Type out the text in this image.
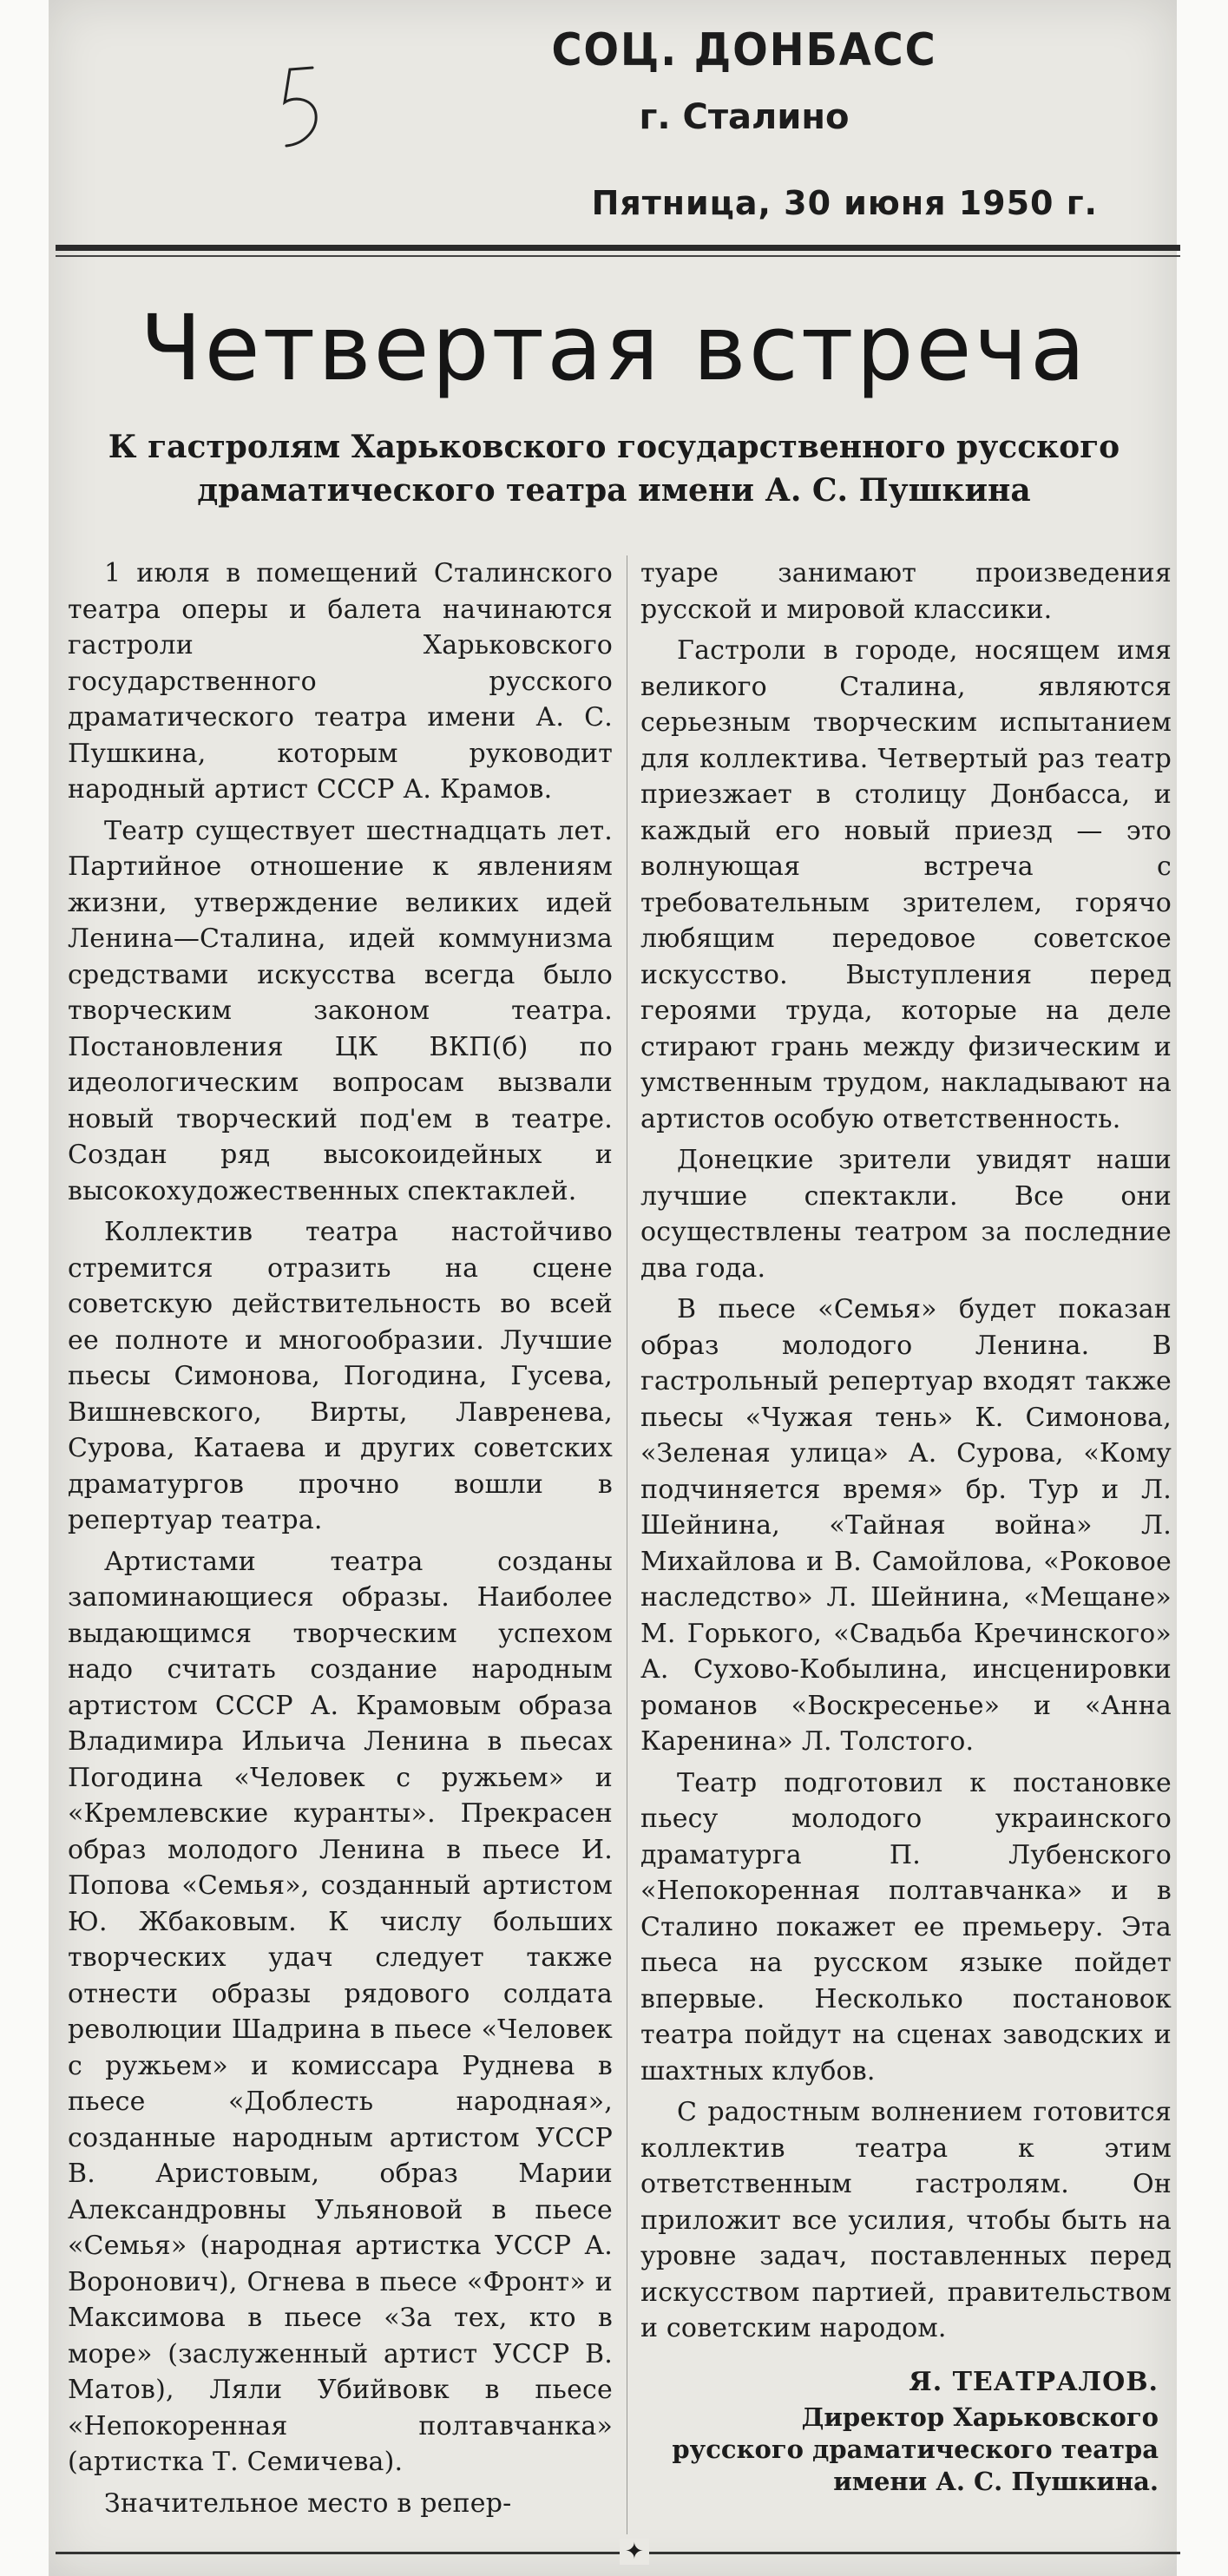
СОЦ. ДОНБАСС
г. Сталино
Пятница, 30 июня 1950 г.
Четвертая встреча
К гастролям Харьковского государственного русского драматического театра имени А. С. Пушкина

1 июля в помещений Сталинского театра оперы и балета начинаются гастроли Харьковского государственного русского драматического театра имени А. С. Пушкина, которым руководит народный артист СССР А. Крамов.

Театр существует шестнадцать лет. Партийное отношение к явлениям жизни, утверждение великих идей Ленина—Сталина, идей коммунизма средствами искусства всегда было творческим законом театра. Постановления ЦК ВКП(б) по идеологическим вопросам вызвали новый творческий под'ем в театре. Создан ряд высокоидейных и высокохудожественных спектаклей.

Коллектив театра настойчиво стремится отразить на сцене советскую действительность во всей ее полноте и многообразии. Лучшие пьесы Симонова, Погодина, Гусева, Вишневского, Вирты, Лавренева, Сурова, Катаева и других советских драматургов прочно вошли в репертуар театра.

Артистами театра созданы запоминающиеся образы. Наиболее выдающимся творческим успехом надо считать создание народным артистом СССР А. Крамовым образа Владимира Ильича Ленина в пьесах Погодина «Человек с ружьем» и «Кремлевские куранты». Прекрасен образ молодого Ленина в пьесе И. Попова «Семья», созданный артистом Ю. Жбаковым. К числу больших творческих удач следует также отнести образы рядового солдата революции Шадрина в пьесе «Человек с ружьем» и комиссара Руднева в пьесе «Доблесть народная», созданные народным артистом УССР В. Аристовым, образ Марии Александровны Ульяновой в пьесе «Семья» (народная артистка УССР А. Воронович), Огнева в пьесе «Фронт» и Максимова в пьесе «За тех, кто в море» (заслуженный артист УССР В. Матов), Ляли Убийвовк в пьесе «Непокоренная полтавчанка» (артистка Т. Семичева).

Значительное место в репер-

туаре занимают произведения русской и мировой классики.

Гастроли в городе, носящем имя великого Сталина, являются серьезным творческим испытанием для коллектива. Четвертый раз театр приезжает в столицу Донбасса, и каждый его новый приезд — это волнующая встреча с требовательным зрителем, горячо любящим передовое советское искусство. Выступления перед героями труда, которые на деле стирают грань между физическим и умственным трудом, накладывают на артистов особую ответственность.

Донецкие зрители увидят наши лучшие спектакли. Все они осуществлены театром за последние два года.

В пьесе «Семья» будет показан образ молодого Ленина. В гастрольный репертуар входят также пьесы «Чужая тень» К. Симонова, «Зеленая улица» А. Сурова, «Кому подчиняется время» бр. Тур и Л. Шейнина, «Тайная война» Л. Михайлова и В. Самойлова, «Роковое наследство» Л. Шейнина, «Мещане» М. Горького, «Свадьба Кречинского» А. Сухово-Кобылина, инсценировки романов «Воскресенье» и «Анна Каренина» Л. Толстого.

Театр подготовил к постановке пьесу молодого украинского драматурга П. Лубенского «Непокоренная полтавчанка» и в Сталино покажет ее премьеру. Эта пьеса на русском языке пойдет впервые. Несколько постановок театра пойдут на сценах заводских и шахтных клубов.

С радостным волнением готовится коллектив театра к этим ответственным гастролям. Он приложит все усилия, чтобы быть на уровне задач, поставленных перед искусством партией, правительством и советским народом.

Я. ТЕАТРАЛОВ.
Директор Харьковского
русского драматического театра
имени А. С. Пушкина.
✦
